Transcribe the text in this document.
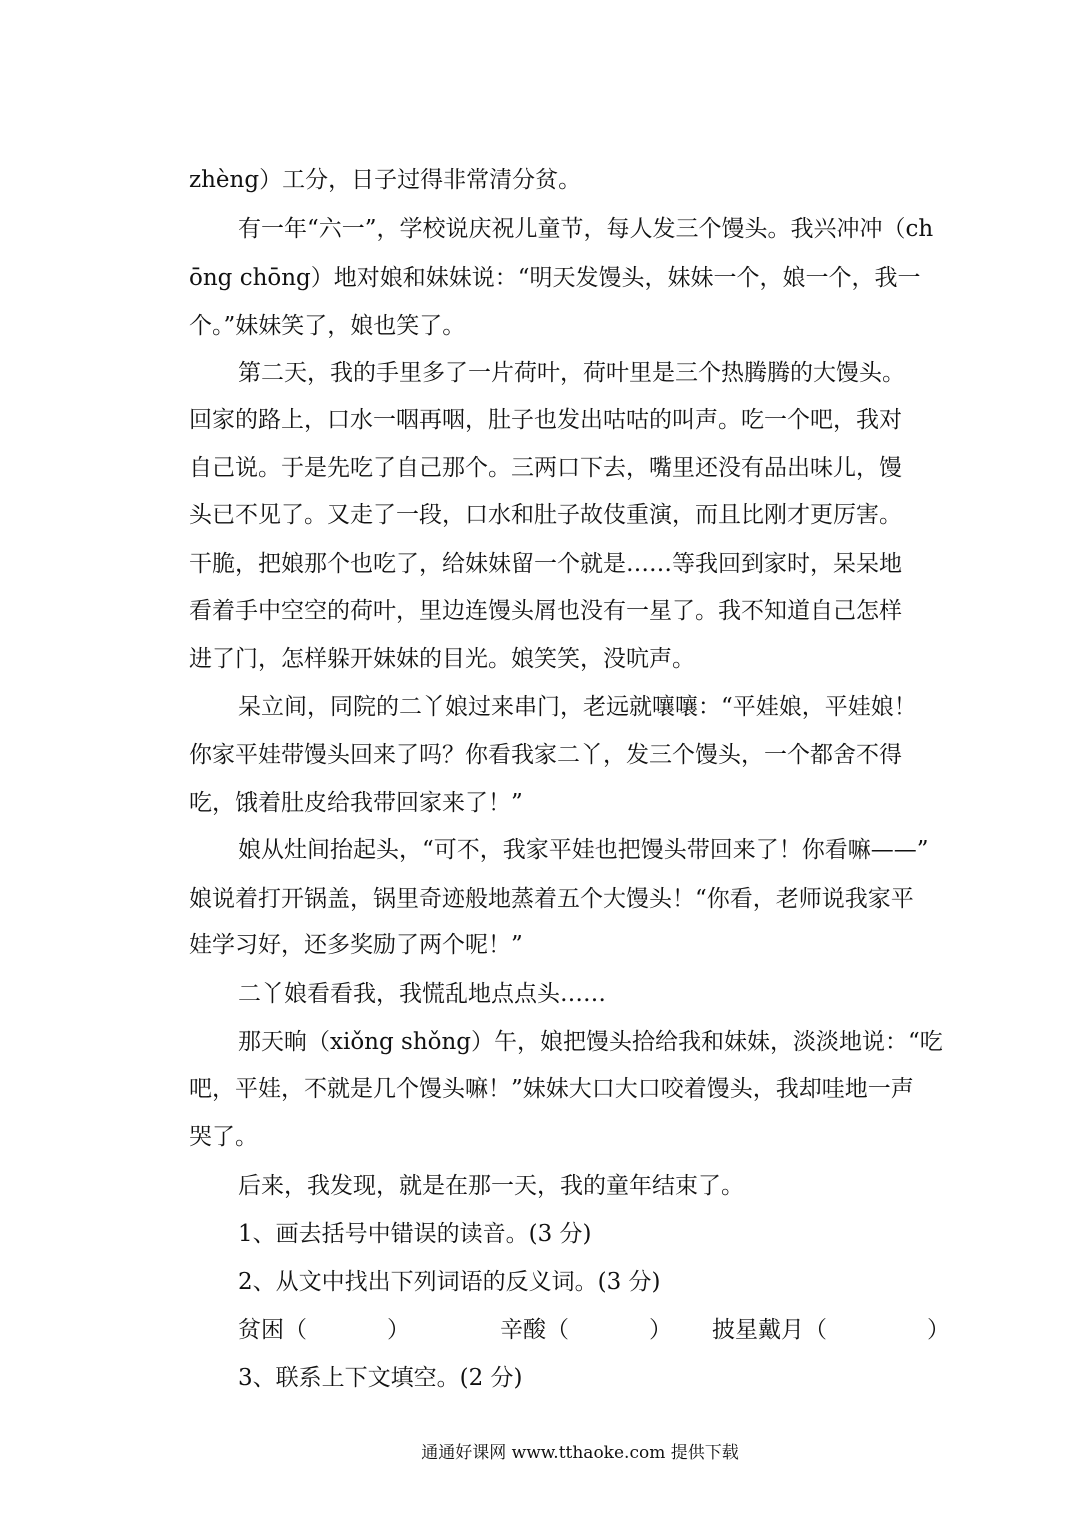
zhèng）工分，日子过得非常清分贫。
有一年“六一”，学校说庆祝儿童节，每人发三个馒头。我兴冲冲（ch
ōng chōng）地对娘和妹妹说：“明天发馒头，妹妹一个，娘一个，我一
个。”妹妹笑了，娘也笑了。
第二天，我的手里多了一片荷叶，荷叶里是三个热腾腾的大馒头。
回家的路上，口水一咽再咽，肚子也发出咕咕的叫声。吃一个吧，我对
自己说。于是先吃了自己那个。三两口下去，嘴里还没有品出味儿，馒
头已不见了。又走了一段，口水和肚子故伎重演，而且比刚才更厉害。
干脆，把娘那个也吃了，给妹妹留一个就是……等我回到家时，呆呆地
看着手中空空的荷叶，里边连馒头屑也没有一星了。我不知道自己怎样
进了门，怎样躲开妹妹的目光。娘笑笑，没吭声。
呆立间，同院的二丫娘过来串门，老远就嚷嚷：“平娃娘，平娃娘！
你家平娃带馒头回来了吗？你看我家二丫，发三个馒头，一个都舍不得
吃，饿着肚皮给我带回家来了！”
娘从灶间抬起头，“可不，我家平娃也把馒头带回来了！你看嘛——”
娘说着打开锅盖，锅里奇迹般地蒸着五个大馒头！“你看，老师说我家平
娃学习好，还多奖励了两个呢！”
二丫娘看看我，我慌乱地点点头……
那天晌（xiǒng shǒng）午，娘把馒头拾给我和妹妹，淡淡地说：“吃
吧，平娃，不就是几个馒头嘛！”妹妹大口大口咬着馒头，我却哇地一声
哭了。
后来，我发现，就是在那一天，我的童年结束了。
1、画去括号中错误的读音。(3 分)
2、从文中找出下列词语的反义词。(3 分)
贫困（	）	辛酸（	） 披星戴月（	）
3、联系上下文填空。(2 分)
通通好课网 www.tthaoke.com 提供下载
